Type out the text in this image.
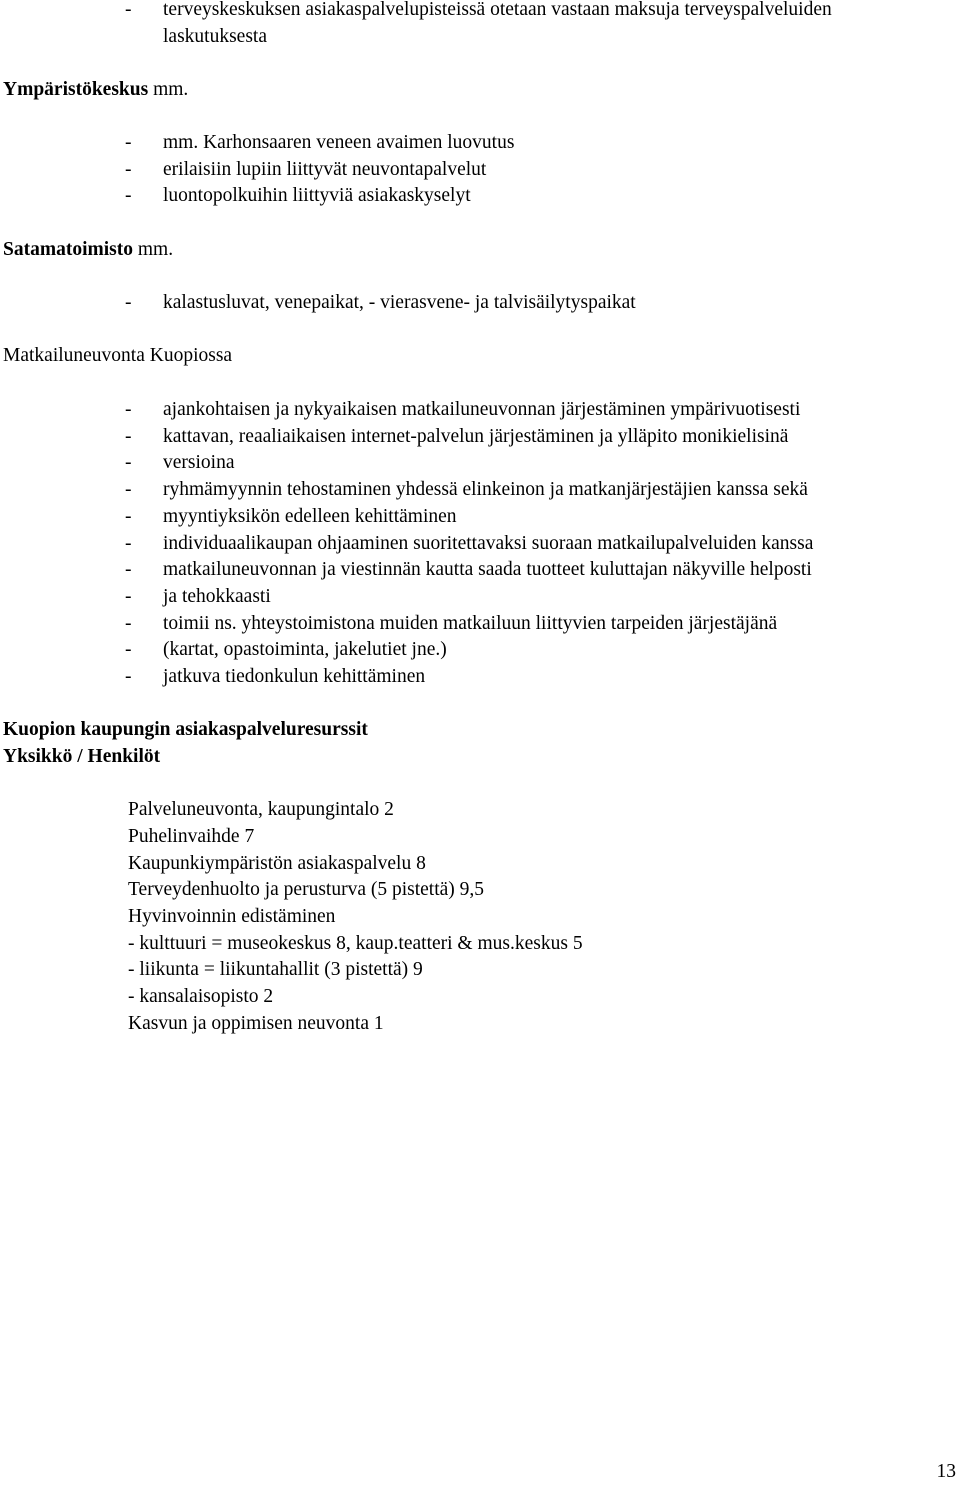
- terveyskeskuksen asiakaspalvelupisteissä otetaan vastaan maksuja terveyspalveluiden
laskutuksesta

Ympäristökeskus mm.

- mm. Karhonsaaren veneen avaimen luovutus
- erilaisiin lupiin liittyvät neuvontapalvelut
- luontopolkuihin liittyviä asiakaskyselyt

Satamatoimisto mm.

- kalastusluvat, venepaikat, - vierasvene- ja talvisäilytyspaikat

Matkailuneuvonta Kuopiossa

- ajankohtaisen ja nykyaikaisen matkailuneuvonnan järjestäminen ympärivuotisesti
- kattavan, reaaliaikaisen internet-palvelun järjestäminen ja ylläpito monikielisinä
- versioina
- ryhmämyynnin tehostaminen yhdessä elinkeinon ja matkanjärjestäjien kanssa sekä
- myyntiyksikön edelleen kehittäminen
- individuaalikaupan ohjaaminen suoritettavaksi suoraan matkailupalveluiden kanssa
- matkailuneuvonnan ja viestinnän kautta saada tuotteet kuluttajan näkyville helposti
- ja tehokkaasti
- toimii ns. yhteystoimistona muiden matkailuun liittyvien tarpeiden järjestäjänä
- (kartat, opastoiminta, jakelutiet jne.)
- jatkuva tiedonkulun kehittäminen

Kuopion kaupungin asiakaspalveluresurssit

Yksikkö / Henkilöt

Palveluneuvonta, kaupungintalo 2
Puhelinvaihde 7
Kaupunkiympäristön asiakaspalvelu 8
Terveydenhuolto ja perusturva (5 pistettä) 9,5
Hyvinvoinnin edistäminen
- kulttuuri = museokeskus 8, kaup.teatteri & mus.keskus 5
- liikunta = liikuntahallit (3 pistettä) 9
- kansalaisopisto 2
Kasvun ja oppimisen neuvonta 1
13
